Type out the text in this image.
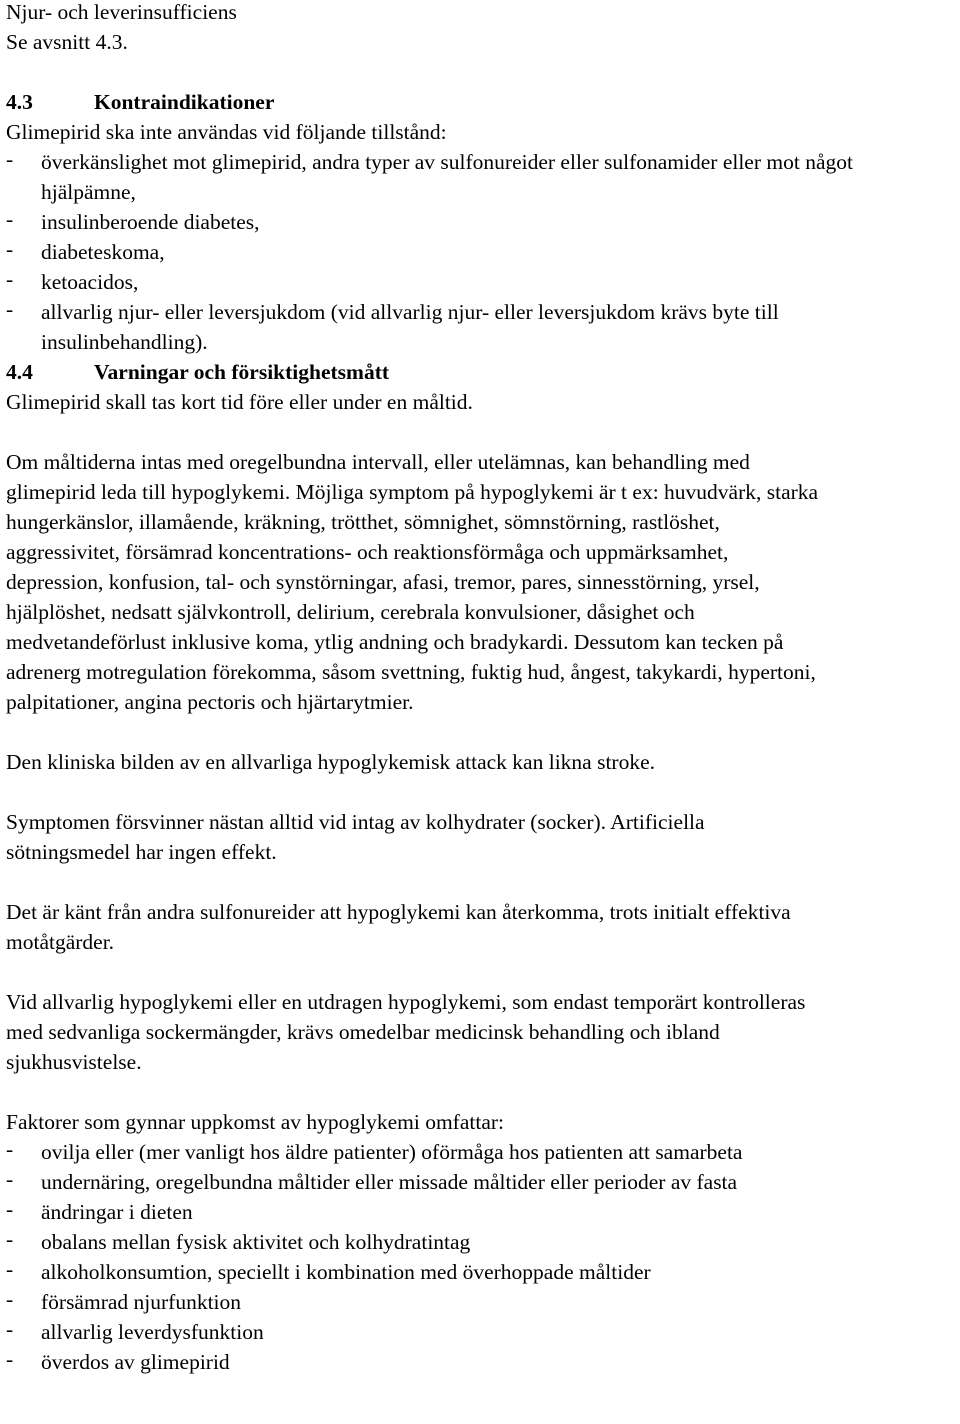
Njur- och leverinsufficiens
Se avsnitt 4.3.
4.3	Kontraindikationer
Glimepirid ska inte användas vid följande tillstånd:
-	överkänslighet mot glimepirid, andra typer av sulfonureider eller sulfonamider eller mot något hjälpämne,
-	insulinberoende diabetes,
-	diabeteskoma,
-	ketoacidos,
-	allvarlig njur- eller leversjukdom (vid allvarlig njur- eller leversjukdom krävs byte till insulinbehandling).
4.4	Varningar och försiktighetsmått
Glimepirid skall tas kort tid före eller under en måltid.
Om måltiderna intas med oregelbundna intervall, eller utelämnas, kan behandling med
glimepirid leda till hypoglykemi. Möjliga symptom på hypoglykemi är t ex: huvudvärk, starka
hungerkänslor, illamående, kräkning, trötthet, sömnighet, sömnstörning, rastlöshet,
aggressivitet, försämrad koncentrations- och reaktionsförmåga och uppmärksamhet,
depression, konfusion, tal- och synstörningar, afasi, tremor, pares, sinnesstörning, yrsel,
hjälplöshet, nedsatt självkontroll, delirium, cerebrala konvulsioner, dåsighet och
medvetandeförlust inklusive koma, ytlig andning och bradykardi. Dessutom kan tecken på
adrenerg motregulation förekomma, såsom svettning, fuktig hud, ångest, takykardi, hypertoni,
palpitationer, angina pectoris och hjärtarytmier.
Den kliniska bilden av en allvarliga hypoglykemisk attack kan likna stroke.
Symptomen försvinner nästan alltid vid intag av kolhydrater (socker). Artificiella
sötningsmedel har ingen effekt.
Det är känt från andra sulfonureider att hypoglykemi kan återkomma, trots initialt effektiva
motåtgärder.
Vid allvarlig hypoglykemi eller en utdragen hypoglykemi, som endast temporärt kontrolleras
med sedvanliga sockermängder, krävs omedelbar medicinsk behandling och ibland
sjukhusvistelse.
Faktorer som gynnar uppkomst av hypoglykemi omfattar:
-	ovilja eller (mer vanligt hos äldre patienter) oförmåga hos patienten att samarbeta
-	undernäring, oregelbundna måltider eller missade måltider eller perioder av fasta
-	ändringar i dieten
-	obalans mellan fysisk aktivitet och kolhydratintag
-	alkoholkonsumtion, speciellt i kombination med överhoppade måltider
-	försämrad njurfunktion
-	allvarlig leverdysfunktion
-	överdos av glimepirid
